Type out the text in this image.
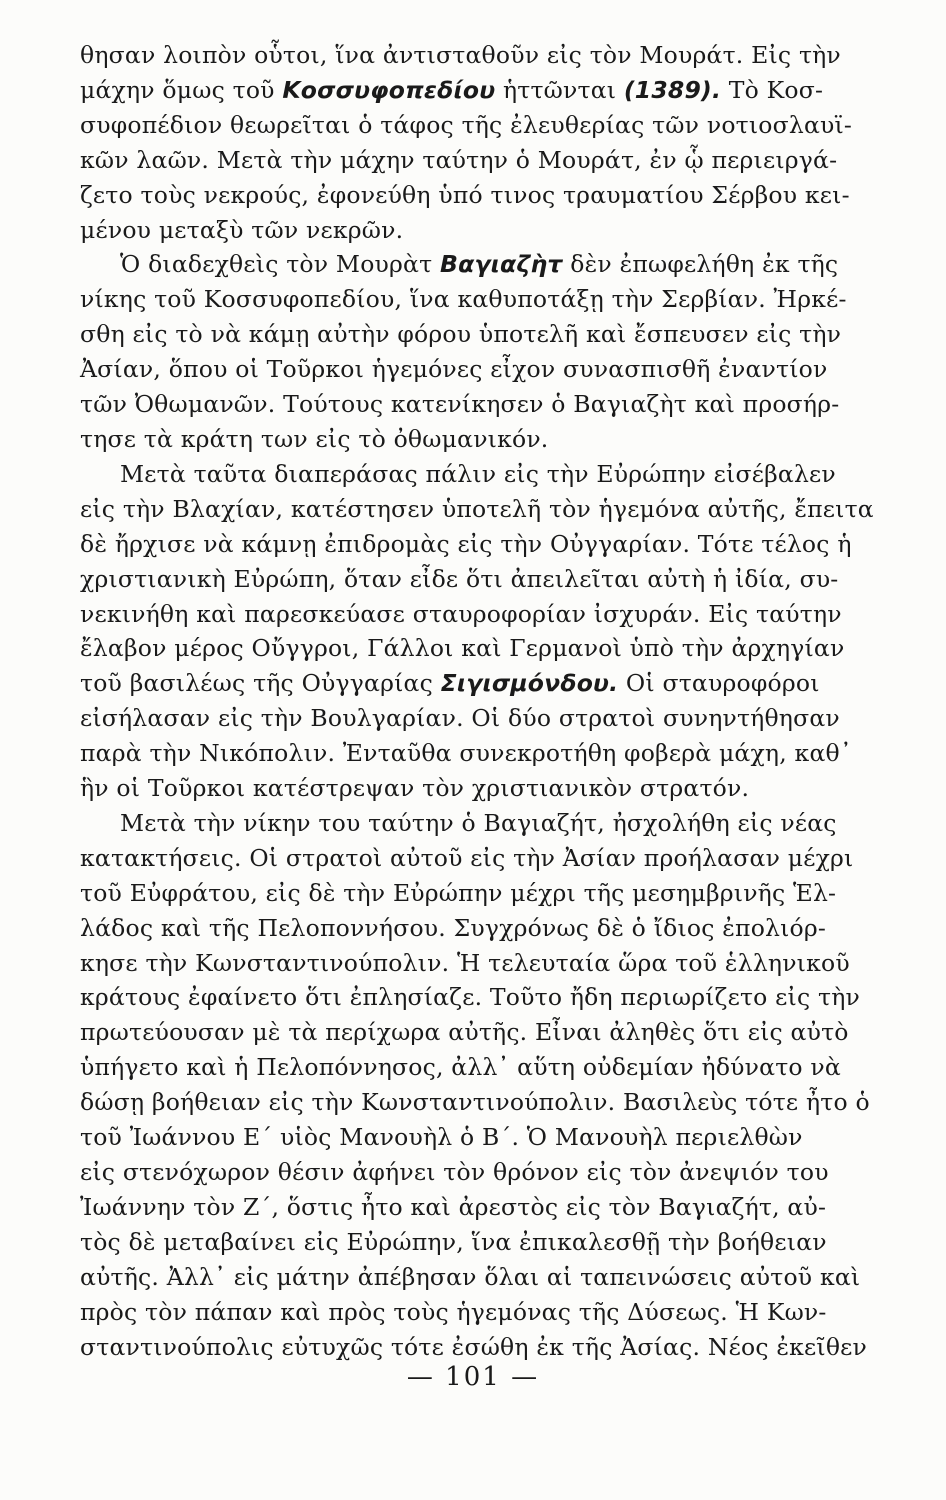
θησαν λοιπὸν οὗτοι, ἵνα ἀντισταθοῦν εἰς τὸν Μουράτ. Εἰς τὴν
μάχην ὅμως τοῦ Κοσσυφοπεδίου ἡττῶνται (1389). Τὸ Κοσ-
συφοπέδιον θεωρεῖται ὁ τάφος τῆς ἐλευθερίας τῶν νοτιοσλαυϊ-
κῶν λαῶν. Μετὰ τὴν μάχην ταύτην ὁ Μουράτ, ἐν ᾧ περιειργά-
ζετο τοὺς νεκρούς, ἐφονεύθη ὑπό τινος τραυματίου Σέρβου κει-
μένου μεταξὺ τῶν νεκρῶν.
Ὁ διαδεχθεὶς τὸν Μουρὰτ Βαγιαζὴτ δὲν ἐπωφελήθη ἐκ τῆς
νίκης τοῦ Κοσσυφοπεδίου, ἵνα καθυποτάξῃ τὴν Σερβίαν. Ἠρκέ-
σθη εἰς τὸ νὰ κάμῃ αὐτὴν φόρου ὑποτελῆ καὶ ἔσπευσεν εἰς τὴν
Ἀσίαν, ὅπου οἱ Τοῦρκοι ἡγεμόνες εἶχον συνασπισθῆ ἐναντίον
τῶν Ὀθωμανῶν. Τούτους κατενίκησεν ὁ Βαγιαζὴτ καὶ προσήρ-
τησε τὰ κράτη των εἰς τὸ ὀθωμανικόν.
Μετὰ ταῦτα διαπεράσας πάλιν εἰς τὴν Εὐρώπην εἰσέβαλεν
εἰς τὴν Βλαχίαν, κατέστησεν ὑποτελῆ τὸν ἡγεμόνα αὐτῆς, ἔπειτα
δὲ ἤρχισε νὰ κάμνῃ ἐπιδρομὰς εἰς τὴν Οὐγγαρίαν. Τότε τέλος ἡ
χριστιανικὴ Εὐρώπη, ὅταν εἶδε ὅτι ἀπειλεῖται αὐτὴ ἡ ἰδία, συ-
νεκινήθη καὶ παρεσκεύασε σταυροφορίαν ἰσχυράν. Εἰς ταύτην
ἔλαβον μέρος Οὔγγροι, Γάλλοι καὶ Γερμανοὶ ὑπὸ τὴν ἀρχηγίαν
τοῦ βασιλέως τῆς Οὐγγαρίας Σιγισμόνδου. Οἱ σταυροφόροι
εἰσήλασαν εἰς τὴν Βουλγαρίαν. Οἱ δύο στρατοὶ συνηντήθησαν
παρὰ τὴν Νικόπολιν. Ἐνταῦθα συνεκροτήθη φοβερὰ μάχη, καθ᾽
ἣν οἱ Τοῦρκοι κατέστρεψαν τὸν χριστιανικὸν στρατόν.
Μετὰ τὴν νίκην του ταύτην ὁ Βαγιαζήτ, ἠσχολήθη εἰς νέας
κατακτήσεις. Οἱ στρατοὶ αὐτοῦ εἰς τὴν Ἀσίαν προήλασαν μέχρι
τοῦ Εὐφράτου, εἰς δὲ τὴν Εὐρώπην μέχρι τῆς μεσημβρινῆς Ἑλ-
λάδος καὶ τῆς Πελοποννήσου. Συγχρόνως δὲ ὁ ἴδιος ἐπολιόρ-
κησε τὴν Κωνσταντινούπολιν. Ἡ τελευταία ὥρα τοῦ ἑλληνικοῦ
κράτους ἐφαίνετο ὅτι ἐπλησίαζε. Τοῦτο ἤδη περιωρίζετο εἰς τὴν
πρωτεύουσαν μὲ τὰ περίχωρα αὐτῆς. Εἶναι ἀληθὲς ὅτι εἰς αὐτὸ
ὑπήγετο καὶ ἡ Πελοπόννησος, ἀλλ᾽ αὕτη οὐδεμίαν ἠδύνατο νὰ
δώσῃ βοήθειαν εἰς τὴν Κωνσταντινούπολιν. Βασιλεὺς τότε ἦτο ὁ
τοῦ Ἰωάννου Ε΄ υἱὸς Μανουὴλ ὁ Β΄. Ὁ Μανουὴλ περιελθὼν
εἰς στενόχωρον θέσιν ἀφήνει τὸν θρόνον εἰς τὸν ἀνεψιόν του
Ἰωάννην τὸν Ζ΄, ὅστις ἦτο καὶ ἀρεστὸς εἰς τὸν Βαγιαζήτ, αὐ-
τὸς δὲ μεταβαίνει εἰς Εὐρώπην, ἵνα ἐπικαλεσθῇ τὴν βοήθειαν
αὐτῆς. Ἀλλ᾽ εἰς μάτην ἀπέβησαν ὅλαι αἱ ταπεινώσεις αὐτοῦ καὶ
πρὸς τὸν πάπαν καὶ πρὸς τοὺς ἡγεμόνας τῆς Δύσεως. Ἡ Κων-
σταντινούπολις εὐτυχῶς τότε ἐσώθη ἐκ τῆς Ἀσίας. Νέος ἐκεῖθεν
— 101 —
